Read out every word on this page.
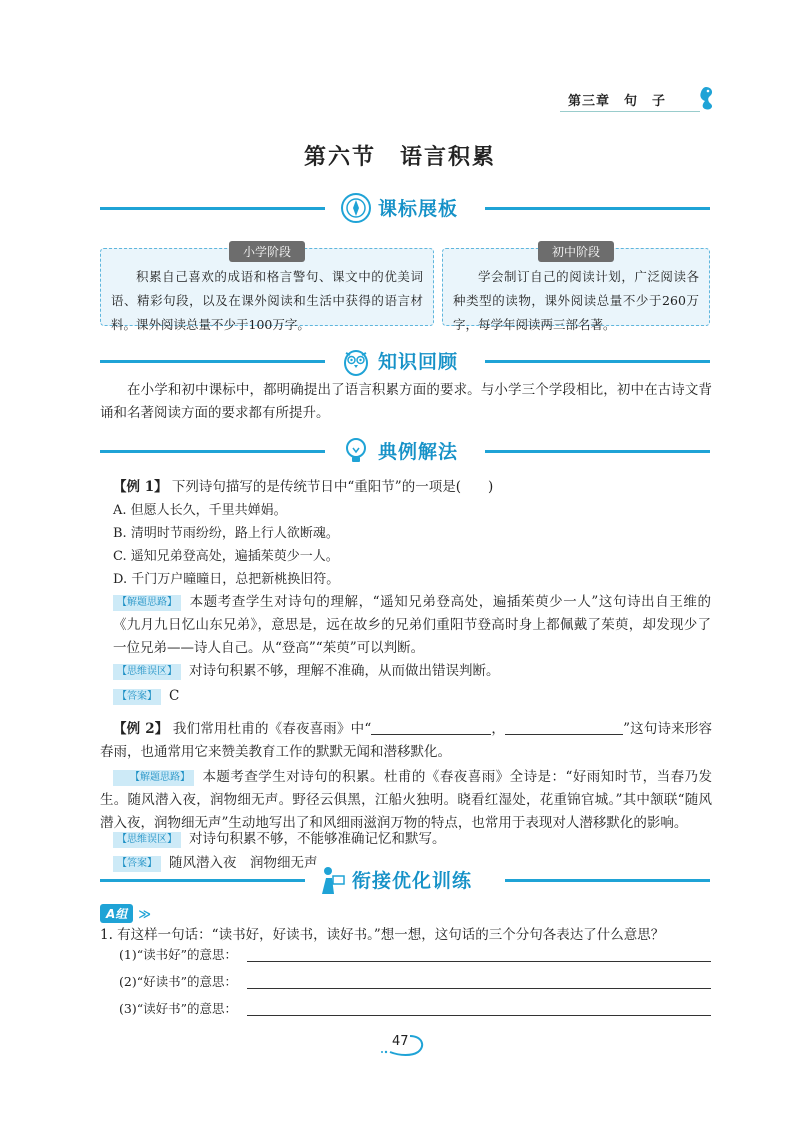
第三章　句　子
第六节　语言积累
课标展板
小学阶段
积累自己喜欢的成语和格言警句、课文中的优美词语、精彩句段，以及在课外阅读和生活中获得的语言材料。课外阅读总量不少于100万字。
初中阶段
学会制订自己的阅读计划，广泛阅读各种类型的读物，课外阅读总量不少于260万字，每学年阅读两三部名著。
知识回顾
在小学和初中课标中，都明确提出了语言积累方面的要求。与小学三个学段相比，初中在古诗文背诵和名著阅读方面的要求都有所提升。
典例解法
【例 1】 下列诗句描写的是传统节日中“重阳节”的一项是(　　)
A. 但愿人长久，千里共婵娟。
B. 清明时节雨纷纷，路上行人欲断魂。
C. 遥知兄弟登高处，遍插茱萸少一人。
D. 千门万户曈曈日，总把新桃换旧符。
【解题思路】 本题考查学生对诗句的理解，“遥知兄弟登高处，遍插茱萸少一人”这句诗出自王维的《九月九日忆山东兄弟》，意思是，远在故乡的兄弟们重阳节登高时身上都佩戴了茱萸，却发现少了一位兄弟——诗人自己。从“登高”“茱萸”可以判断。
【思维误区】 对诗句积累不够，理解不准确，从而做出错误判断。
【答案】 C
【例 2】 我们常用杜甫的《春夜喜雨》中“	，	”这句诗来形容春雨，也通常用它来赞美教育工作的默默无闻和潜移默化。
【解题思路】 本题考查学生对诗句的积累。杜甫的《春夜喜雨》全诗是：“好雨知时节，当春乃发生。随风潜入夜，润物细无声。野径云俱黑，江船火独明。晓看红湿处，花重锦官城。”其中颔联“随风潜入夜，润物细无声”生动地写出了和风细雨滋润万物的特点，也常用于表现对人潜移默化的影响。
【思维误区】 对诗句积累不够，不能够准确记忆和默写。
【答案】 随风潜入夜　润物细无声
衔接优化训练
A组 ≫
1. 有这样一句话：“读书好，好读书，读好书。”想一想，这句话的三个分句各表达了什么意思？
(1)“读书好”的意思：
(2)“好读书”的意思：
(3)“读好书”的意思：
47
